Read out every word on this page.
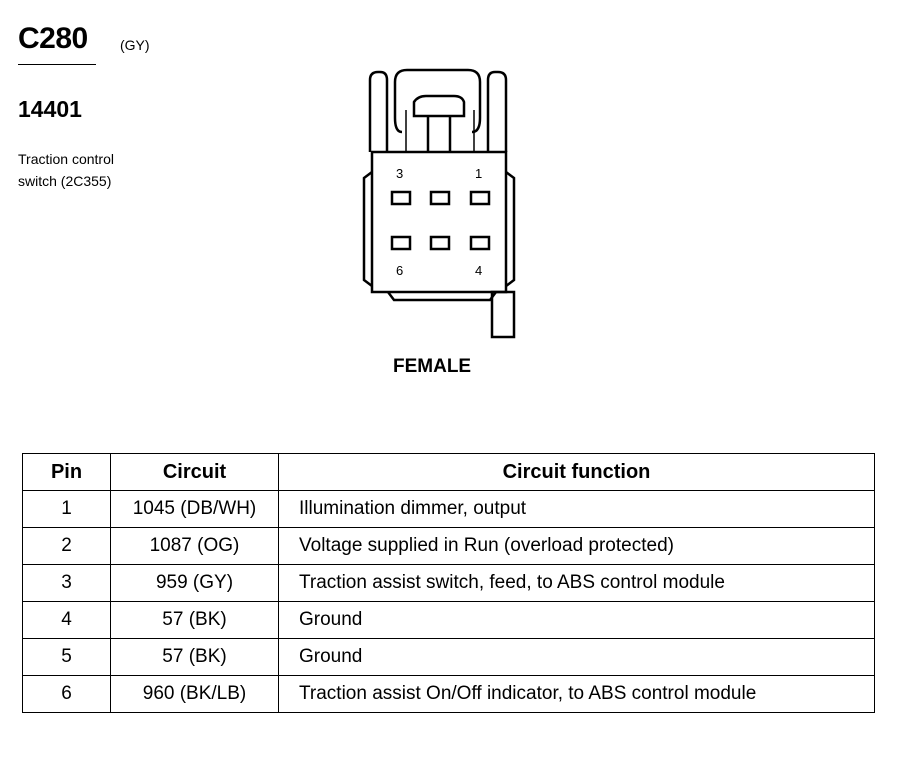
C280 (GY)
14401
Traction control
switch (2C355)	3	1
6	4
FEMALE
Pin	Circuit	Circuit function
1	1045 (DB/WH)	Illumination dimmer, output
2	1087 (OG)	Voltage supplied in Run (overload protected)
3	959 (GY)	Traction assist switch, feed, to ABS control module
4	57 (BK)	Ground
5	57 (BK)	Ground
6	960 (BK/LB)	Traction assist On/Off indicator, to ABS control module
